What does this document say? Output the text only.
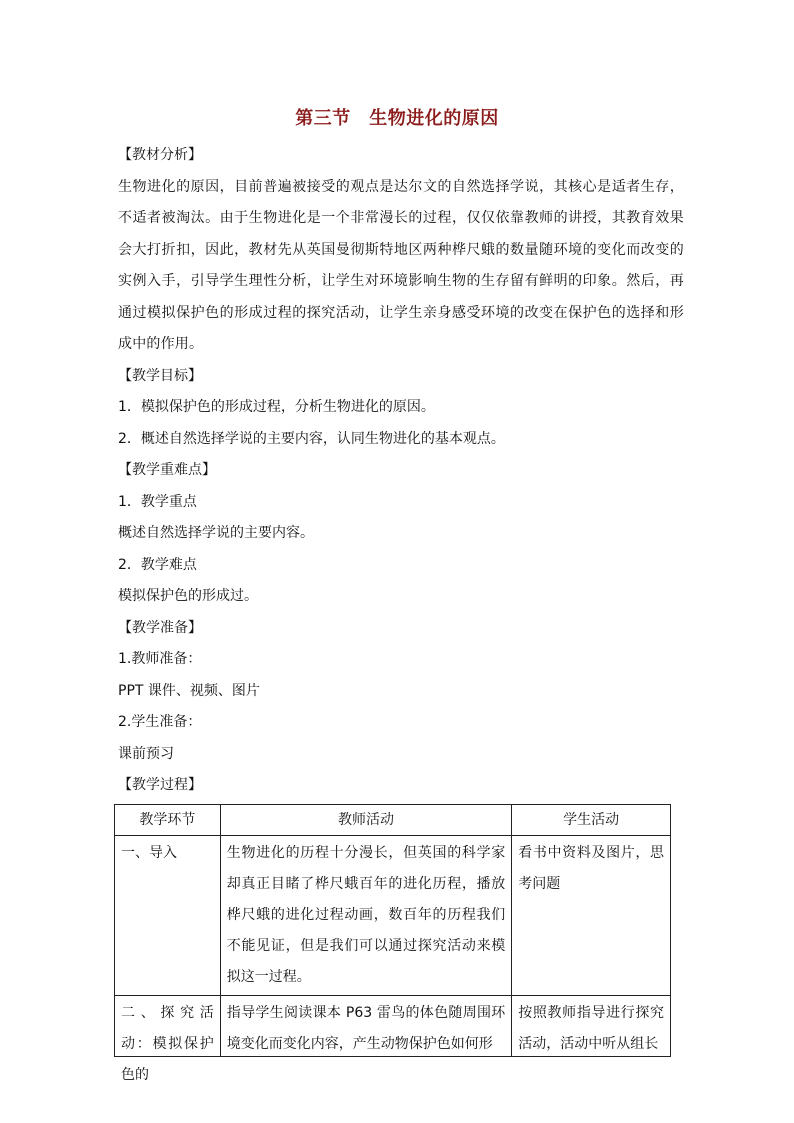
第三节　生物进化的原因

【教材分析】

生物进化的原因，目前普遍被接受的观点是达尔文的自然选择学说，其核心是适者生存，不适者被淘汰。由于生物进化是一个非常漫长的过程，仅仅依靠教师的讲授，其教育效果会大打折扣，因此，教材先从英国曼彻斯特地区两种桦尺蛾的数量随环境的变化而改变的实例入手，引导学生理性分析，让学生对环境影响生物的生存留有鲜明的印象。然后，再通过模拟保护色的形成过程的探究活动，让学生亲身感受环境的改变在保护色的选择和形成中的作用。

【教学目标】

1．模拟保护色的形成过程，分析生物进化的原因。

2．概述自然选择学说的主要内容，认同生物进化的基本观点。

【教学重难点】

1．教学重点

概述自然选择学说的主要内容。

2．教学难点

模拟保护色的形成过。

【教学准备】

1.教师准备：

PPT 课件、视频、图片

2.学生准备：

课前预习

【教学过程】

教学环节	教师活动	学生活动
一、导入	生物进化的历程十分漫长，但英国的科学家却真正目睹了桦尺蛾百年的进化历程，播放桦尺蛾的进化过程动画，数百年的历程我们不能见证，但是我们可以通过探究活动来模拟这一过程。	看书中资料及图片，思考问题

二、探究活动：模拟保护色的	指导学生阅读课本 P63 雷鸟的体色随周围环境变化而变化内容，产生动物保护色如何形	按照教师指导进行探究活动，活动中听从组长
